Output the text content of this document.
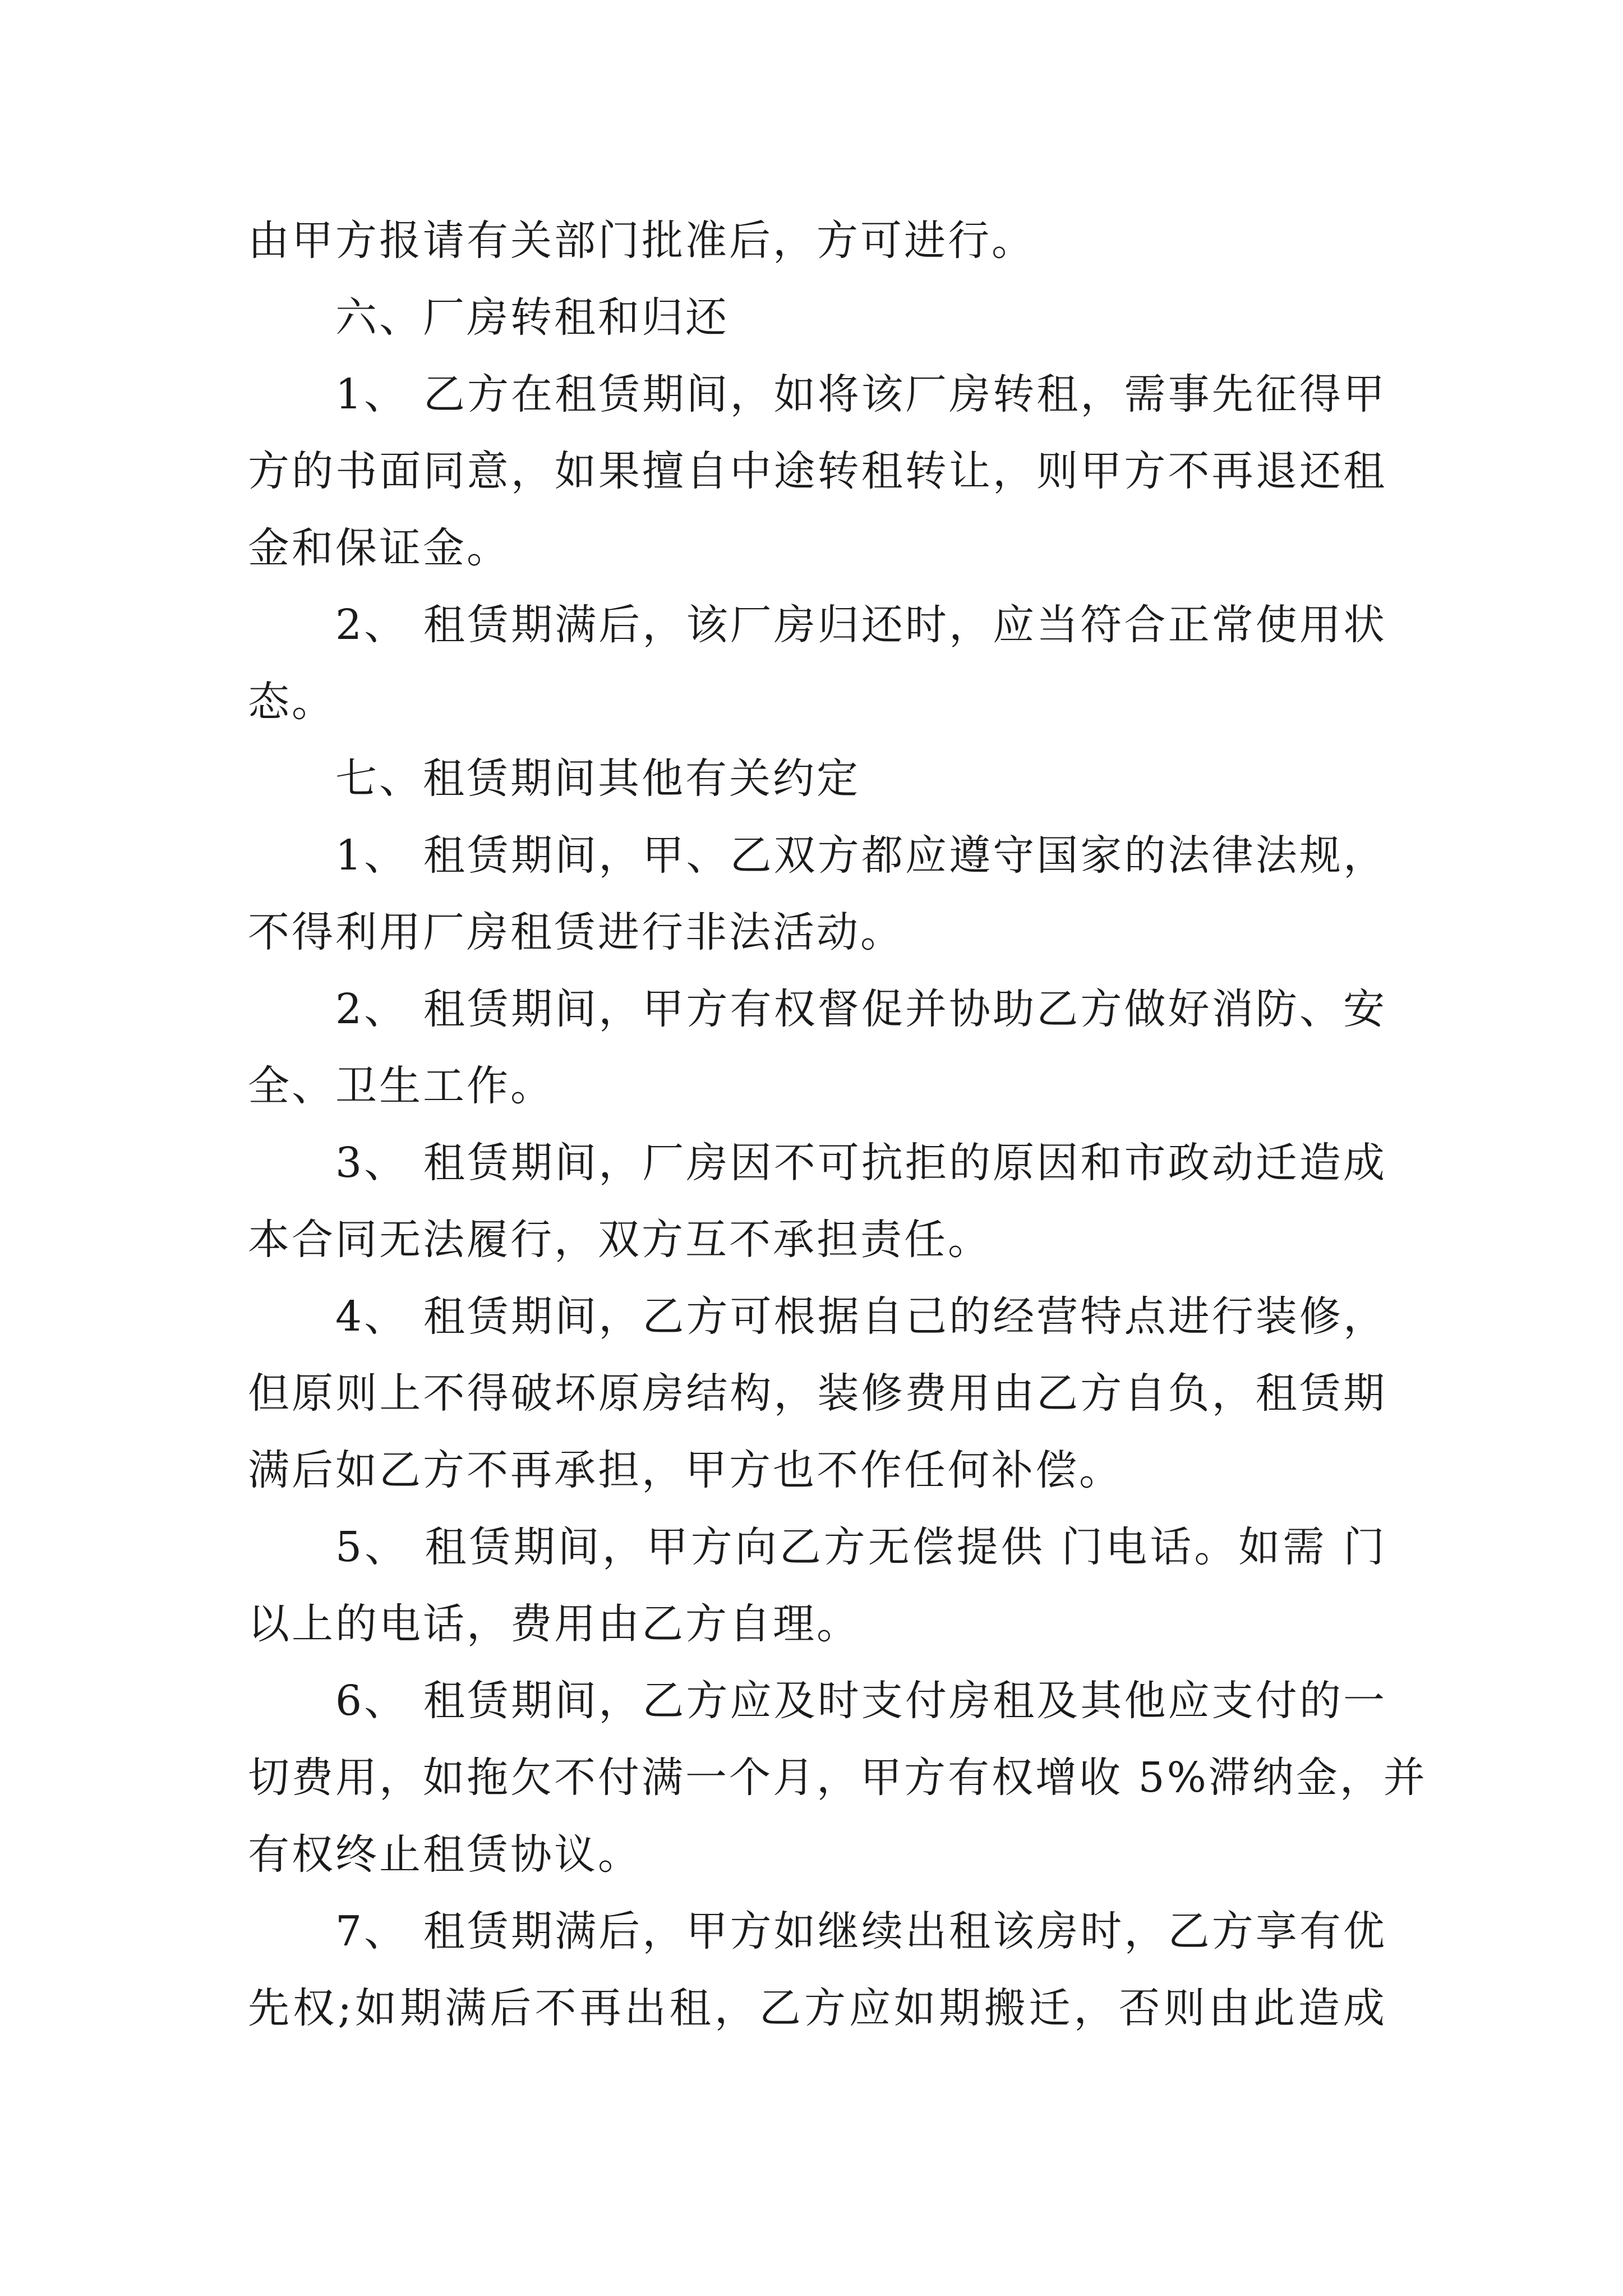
由甲方报请有关部门批准后，方可进行。
六、厂房转租和归还
1、 乙方在租赁期间，如将该厂房转租，需事先征得甲
方的书面同意，如果擅自中途转租转让，则甲方不再退还租
金和保证金。
2、 租赁期满后，该厂房归还时，应当符合正常使用状
态。
七、租赁期间其他有关约定
1、 租赁期间，甲、乙双方都应遵守国家的法律法规，
不得利用厂房租赁进行非法活动。
2、 租赁期间，甲方有权督促并协助乙方做好消防、安
全、卫生工作。
3、 租赁期间，厂房因不可抗拒的原因和市政动迁造成
本合同无法履行，双方互不承担责任。
4、 租赁期间，乙方可根据自己的经营特点进行装修，
但原则上不得破坏原房结构，装修费用由乙方自负，租赁期
满后如乙方不再承担，甲方也不作任何补偿。
5、 租赁期间，甲方向乙方无偿提供 门电话。如需 门
以上的电话，费用由乙方自理。
6、 租赁期间，乙方应及时支付房租及其他应支付的一
切费用，如拖欠不付满一个月，甲方有权增收 5%滞纳金，并
有权终止租赁协议。
7、 租赁期满后，甲方如继续出租该房时，乙方享有优
先权;如期满后不再出租，乙方应如期搬迁，否则由此造成
